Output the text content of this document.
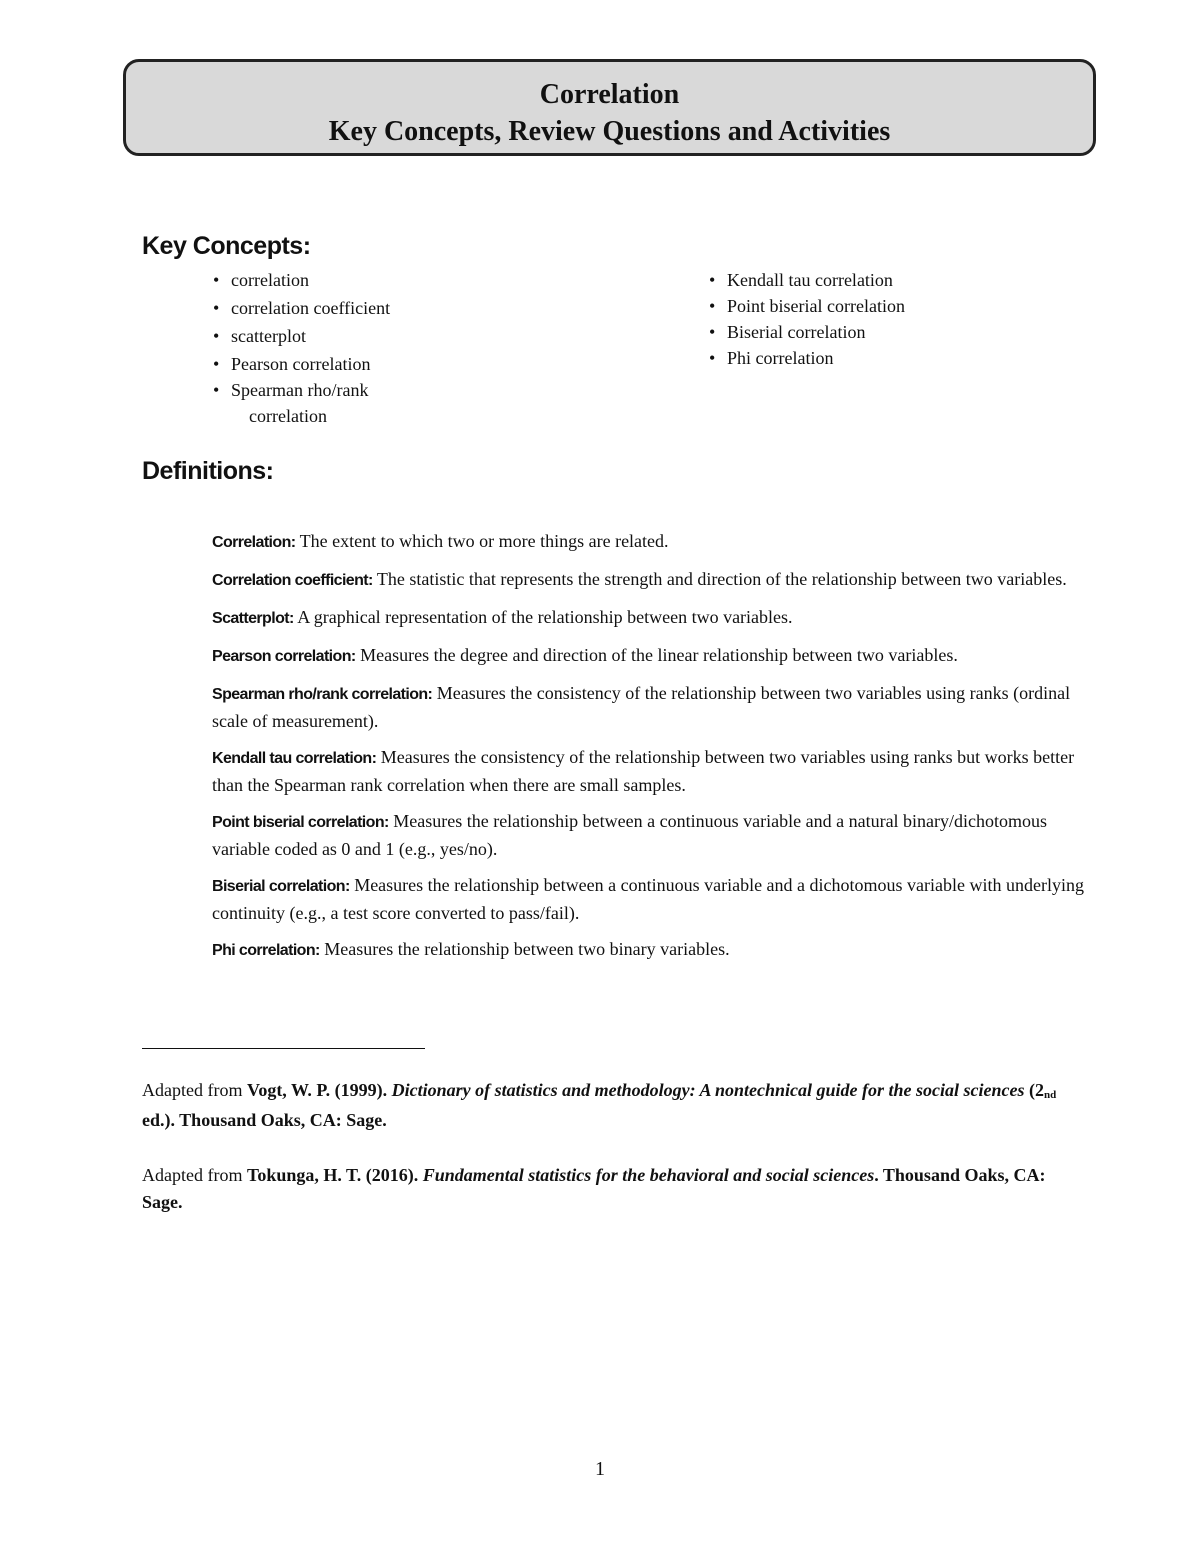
Correlation
Key Concepts, Review Questions and Activities
Key Concepts:
• correlation
• correlation coefficient
• scatterplot
• Pearson correlation
• Spearman rho/rank
correlation
• Kendall tau correlation
• Point biserial correlation
• Biserial correlation
• Phi correlation
Definitions:
Correlation: The extent to which two or more things are related.
Correlation coefficient: The statistic that represents the strength and direction of the relationship between two variables.
Scatterplot: A graphical representation of the relationship between two variables.
Pearson correlation: Measures the degree and direction of the linear relationship between two variables.
Spearman rho/rank correlation: Measures the consistency of the relationship between two variables using ranks (ordinal scale of measurement).
Kendall tau correlation: Measures the consistency of the relationship between two variables using ranks but works better than the Spearman rank correlation when there are small samples.
Point biserial correlation: Measures the relationship between a continuous variable and a natural binary/dichotomous variable coded as 0 and 1 (e.g., yes/no).
Biserial correlation: Measures the relationship between a continuous variable and a dichotomous variable with underlying continuity (e.g., a test score converted to pass/fail).
Phi correlation: Measures the relationship between two binary variables.
Adapted from Vogt, W. P. (1999). Dictionary of statistics and methodology: A nontechnical guide for the social sciences (2nd ed.). Thousand Oaks, CA: Sage.
Adapted from Tokunga, H. T. (2016). Fundamental statistics for the behavioral and social sciences. Thousand Oaks, CA: Sage.
1
